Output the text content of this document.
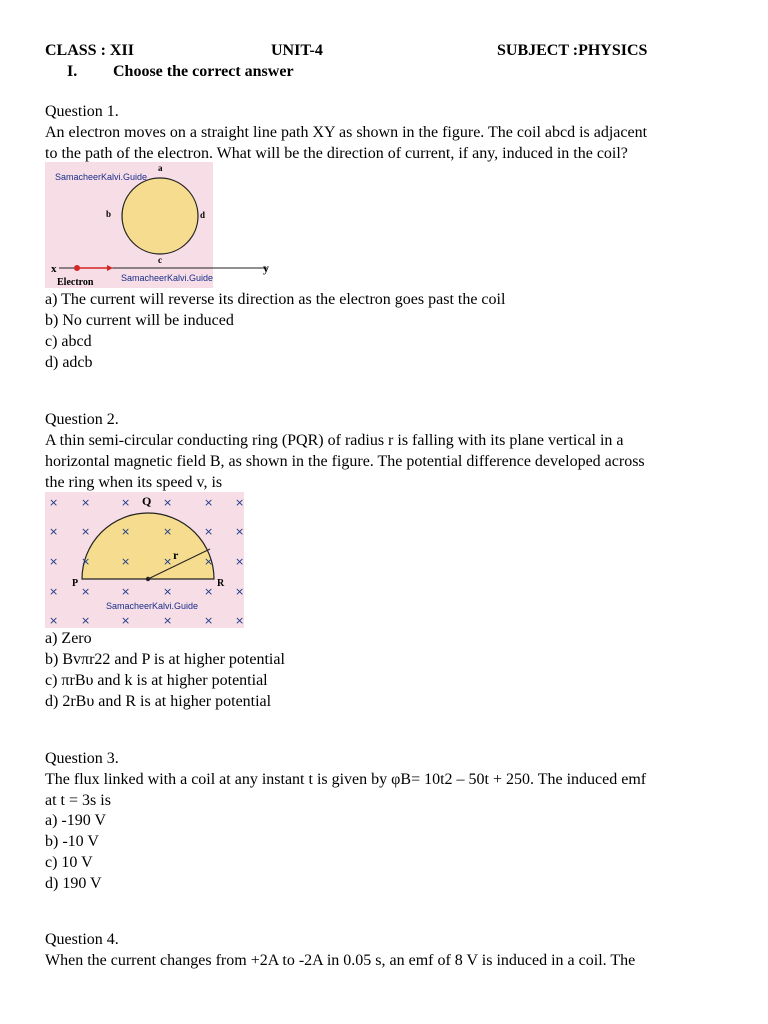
CLASS : XII	UNIT-4	SUBJECT :PHYSICS
I. Choose the correct answer
Question 1.
An electron moves on a straight line path XY as shown in the figure. The coil abcd is adjacent
to the path of the electron. What will be the direction of current, if any, induced in the coil?
SamacheerKalvi.Guide
a
b	d
c
x	y
Electron	SamacheerKalvi.Guide
a) The current will reverse its direction as the electron goes past the coil
b) No current will be induced
c) abcd
d) adcb
Question 2.
A thin semi-circular conducting ring (PQR) of radius r is falling with its plane vertical in a
horizontal magnetic field B, as shown in the figure. The potential difference developed across
the ring when its speed v, is
r
Q
P	R
× ×	×	×	× ×
× ×	×	×	× ×
× ×	×	×	× ×
× ×	×	×	× ×
× ×	×	×	× ×
SamacheerKalvi.Guide
a) Zero
b) Bvπr22 and P is at higher potential
c) πrBυ and k is at higher potential
d) 2rBυ and R is at higher potential
Question 3.
The flux linked with a coil at any instant t is given by φB= 10t2 – 50t + 250. The induced emf
at t = 3s is
a) -190 V
b) -10 V
c) 10 V
d) 190 V
Question 4.
When the current changes from +2A to -2A in 0.05 s, an emf of 8 V is induced in a coil. The
